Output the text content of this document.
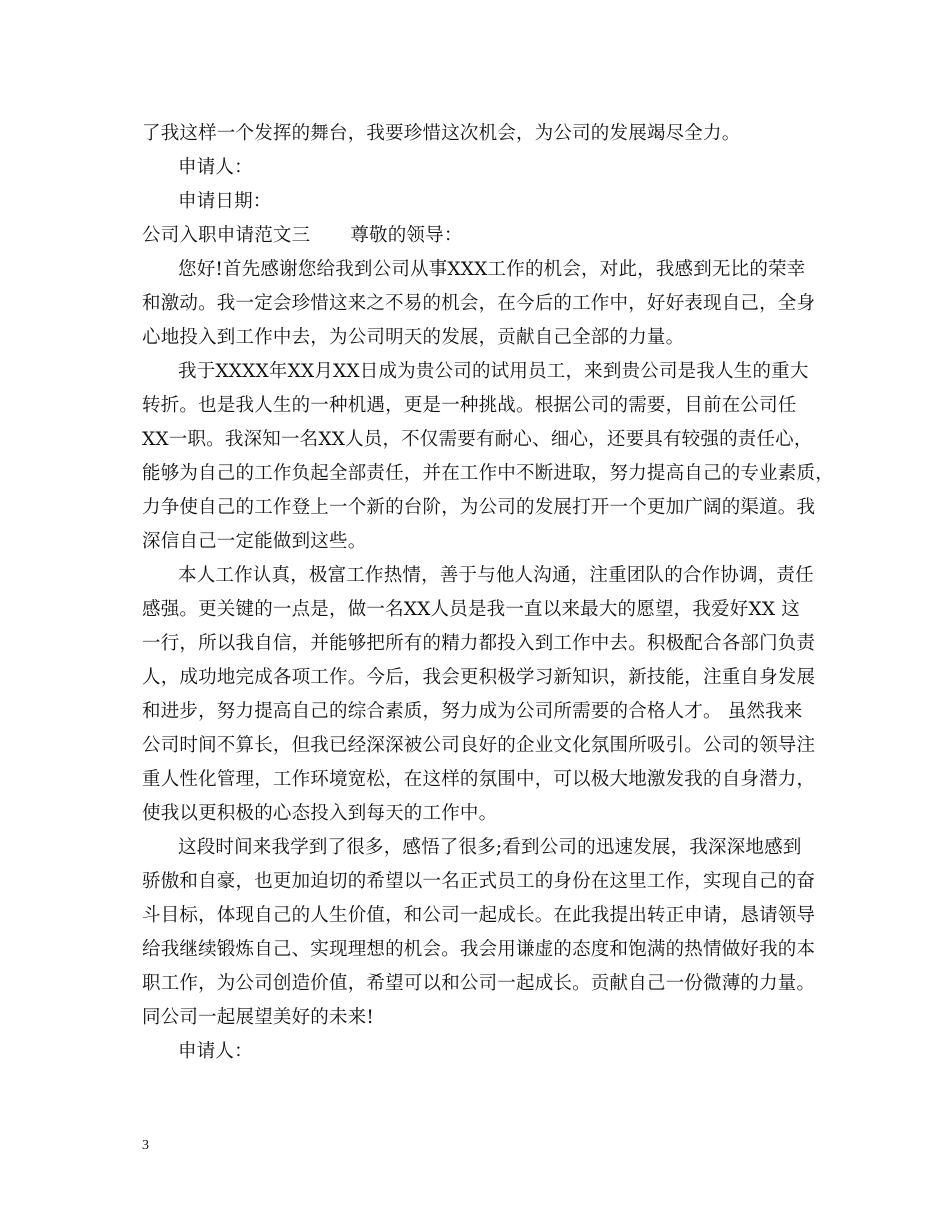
了我这样一个发挥的舞台，我要珍惜这次机会，为公司的发展竭尽全力。
申请人：
申请日期：
公司入职申请范文三 尊敬的领导：
您好!首先感谢您给我到公司从事XXX工作的机会，对此，我感到无比的荣幸
和激动。我一定会珍惜这来之不易的机会，在今后的工作中，好好表现自己，全身
心地投入到工作中去，为公司明天的发展，贡献自己全部的力量。
我于XXXX年XX月XX日成为贵公司的试用员工，来到贵公司是我人生的重大
转折。也是我人生的一种机遇，更是一种挑战。根据公司的需要，目前在公司任
XX一职。我深知一名XX人员，不仅需要有耐心、细心，还要具有较强的责任心，
能够为自己的工作负起全部责任，并在工作中不断进取，努力提高自己的专业素质，
力争使自己的工作登上一个新的台阶，为公司的发展打开一个更加广阔的渠道。我
深信自己一定能做到这些。
本人工作认真，极富工作热情，善于与他人沟通，注重团队的合作协调，责任
感强。更关键的一点是，做一名XX人员是我一直以来最大的愿望，我爱好XX 这
一行，所以我自信，并能够把所有的精力都投入到工作中去。积极配合各部门负责
人，成功地完成各项工作。今后，我会更积极学习新知识，新技能，注重自身发展
和进步，努力提高自己的综合素质，努力成为公司所需要的合格人才。 虽然我来
公司时间不算长，但我已经深深被公司良好的企业文化氛围所吸引。公司的领导注
重人性化管理，工作环境宽松，在这样的氛围中，可以极大地激发我的自身潜力，
使我以更积极的心态投入到每天的工作中。
这段时间来我学到了很多，感悟了很多;看到公司的迅速发展，我深深地感到
骄傲和自豪，也更加迫切的希望以一名正式员工的身份在这里工作，实现自己的奋
斗目标，体现自己的人生价值，和公司一起成长。在此我提出转正申请，恳请领导
给我继续锻炼自己、实现理想的机会。我会用谦虚的态度和饱满的热情做好我的本
职工作，为公司创造价值，希望可以和公司一起成长。贡献自己一份微薄的力量。
同公司一起展望美好的未来!
申请人：
3
